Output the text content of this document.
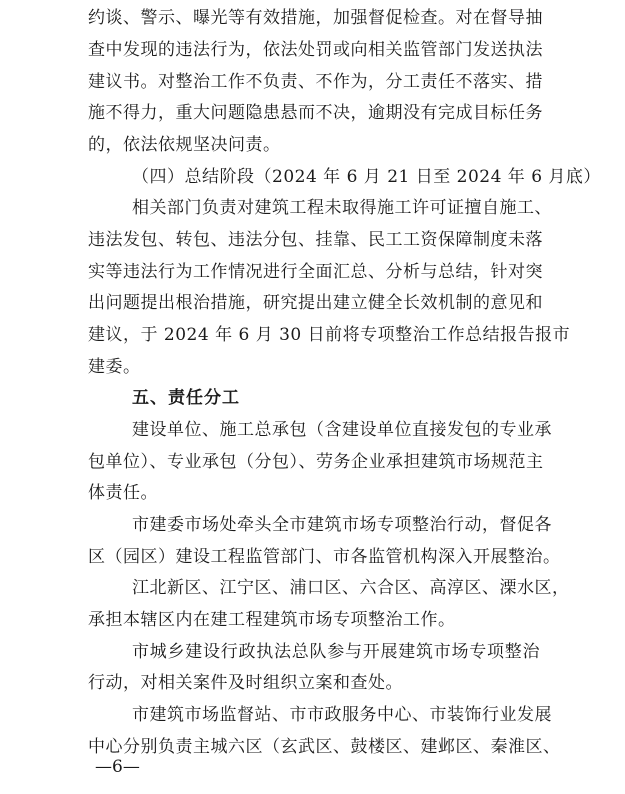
约谈、警示、曝光等有效措施，加强督促检查。对在督导抽
查中发现的违法行为，依法处罚或向相关监管部门发送执法
建议书。对整治工作不负责、不作为，分工责任不落实、措
施不得力，重大问题隐患悬而不决，逾期没有完成目标任务
的，依法依规坚决问责。
（四）总结阶段（2024 年 6 月 21 日至 2024 年 6 月底）
相关部门负责对建筑工程未取得施工许可证擅自施工、
违法发包、转包、违法分包、挂靠、民工工资保障制度未落
实等违法行为工作情况进行全面汇总、分析与总结，针对突
出问题提出根治措施，研究提出建立健全长效机制的意见和
建议，于 2024 年 6 月 30 日前将专项整治工作总结报告报市
建委。
五、责任分工
建设单位、施工总承包（含建设单位直接发包的专业承
包单位）、专业承包（分包）、劳务企业承担建筑市场规范主
体责任。
市建委市场处牵头全市建筑市场专项整治行动，督促各
区（园区）建设工程监管部门、市各监管机构深入开展整治。
江北新区、江宁区、浦口区、六合区、高淳区、溧水区，
承担本辖区内在建工程建筑市场专项整治工作。
市城乡建设行政执法总队参与开展建筑市场专项整治
行动，对相关案件及时组织立案和查处。
市建筑市场监督站、市市政服务中心、市装饰行业发展
中心分别负责主城六区（玄武区、鼓楼区、建邺区、秦淮区、
—6—
